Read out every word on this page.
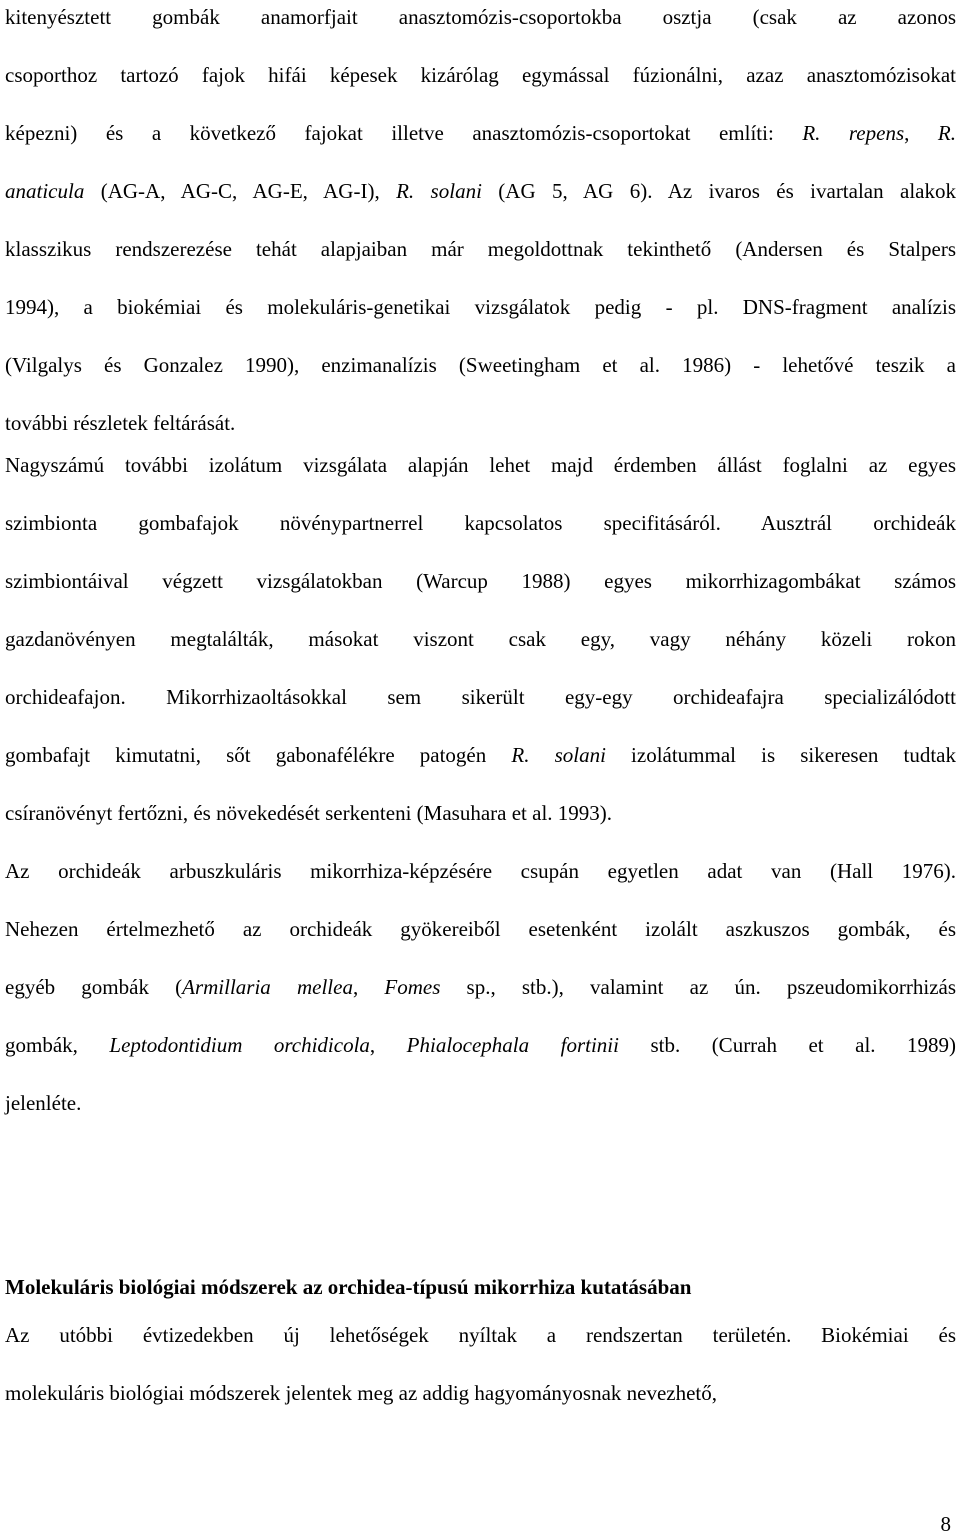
kitenyésztett gombák anamorfjait anasztomózis-csoportokba osztja (csak az azonos
csoporthoz tartozó fajok hifái képesek kizárólag egymással fúzionálni, azaz anasztomózisokat
képezni) és a következő fajokat illetve anasztomózis-csoportokat említi: R. repens, R.
anaticula (AG-A, AG-C, AG-E, AG-I), R. solani (AG 5, AG 6). Az ivaros és ivartalan alakok
klasszikus rendszerezése tehát alapjaiban már megoldottnak tekinthető (Andersen és Stalpers
1994), a biokémiai és molekuláris-genetikai vizsgálatok pedig - pl. DNS-fragment analízis
(Vilgalys és Gonzalez 1990), enzimanalízis (Sweetingham et al. 1986) - lehetővé teszik a
további részletek feltárását.
Nagyszámú további izolátum vizsgálata alapján lehet majd érdemben állást foglalni az egyes
szimbionta gombafajok növénypartnerrel kapcsolatos specifitásáról. Ausztrál orchideák
szimbiontáival végzett vizsgálatokban (Warcup 1988) egyes mikorrhizagombákat számos
gazdanövényen megtalálták, másokat viszont csak egy, vagy néhány közeli rokon
orchideafajon. Mikorrhizaoltásokkal sem sikerült egy-egy orchideafajra specializálódott
gombafajt kimutatni, sőt gabonafélékre patogén R. solani izolátummal is sikeresen tudtak
csíranövényt fertőzni, és növekedését serkenteni (Masuhara et al. 1993).
Az orchideák arbuszkuláris mikorrhiza-képzésére csupán egyetlen adat van (Hall 1976).
Nehezen értelmezhető az orchideák gyökereiből esetenként izolált aszkuszos gombák, és
egyéb gombák (Armillaria mellea, Fomes sp., stb.), valamint az ún. pszeudomikorrhizás
gombák, Leptodontidium orchidicola, Phialocephala fortinii stb. (Currah et al. 1989)
jelenléte.
Az utóbbi évtizedekben új lehetőségek nyíltak a rendszertan területén. Biokémiai és
molekuláris biológiai módszerek jelentek meg az addig hagyományosnak nevezhető,
Molekuláris biológiai módszerek az orchidea-típusú mikorrhiza kutatásában
8
